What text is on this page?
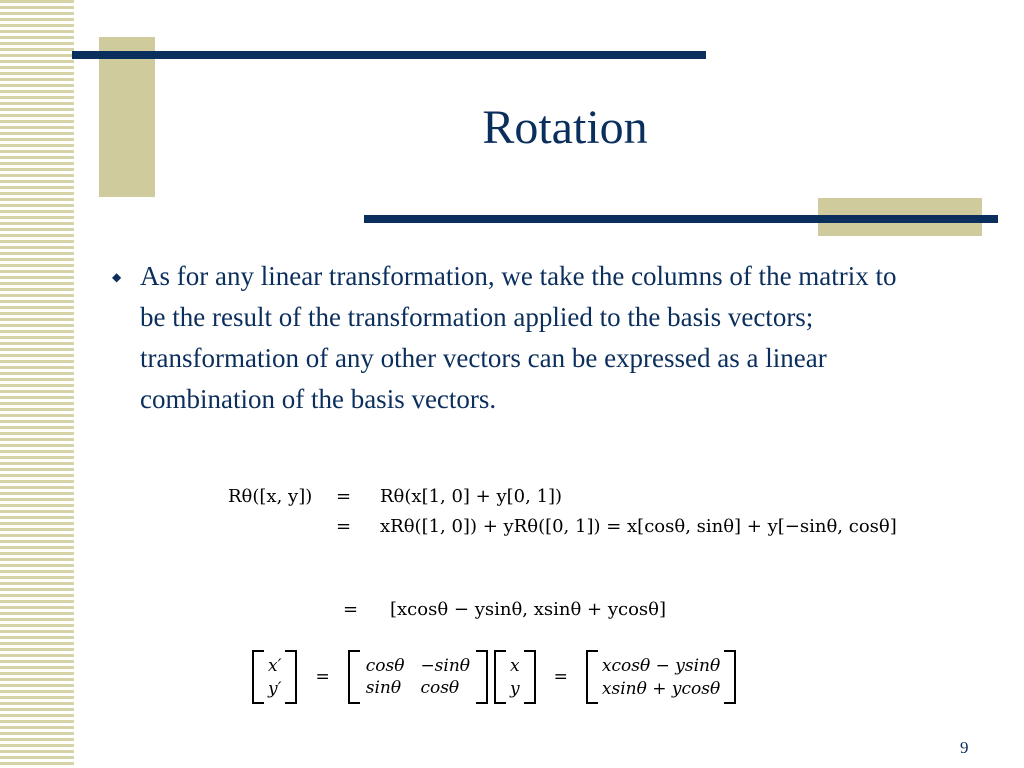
Rotation
◆ As for any linear transformation, we take the columns of the matrix to be the result of the transformation applied to the basis vectors; transformation of any other vectors can be expressed as a linear combination of the basis vectors.
Rθ([x, y]) = Rθ(x[1, 0] + y[0, 1])
= xRθ([1, 0]) + yRθ([0, 1]) = x[cosθ, sinθ] + y[−sinθ, cosθ]
= [xcosθ − ysinθ, xsinθ + ycosθ]
x′
y′
=
cosθ −sinθ
sinθ cosθ
x
y
=
xcosθ − ysinθ
xsinθ + ycosθ
9
